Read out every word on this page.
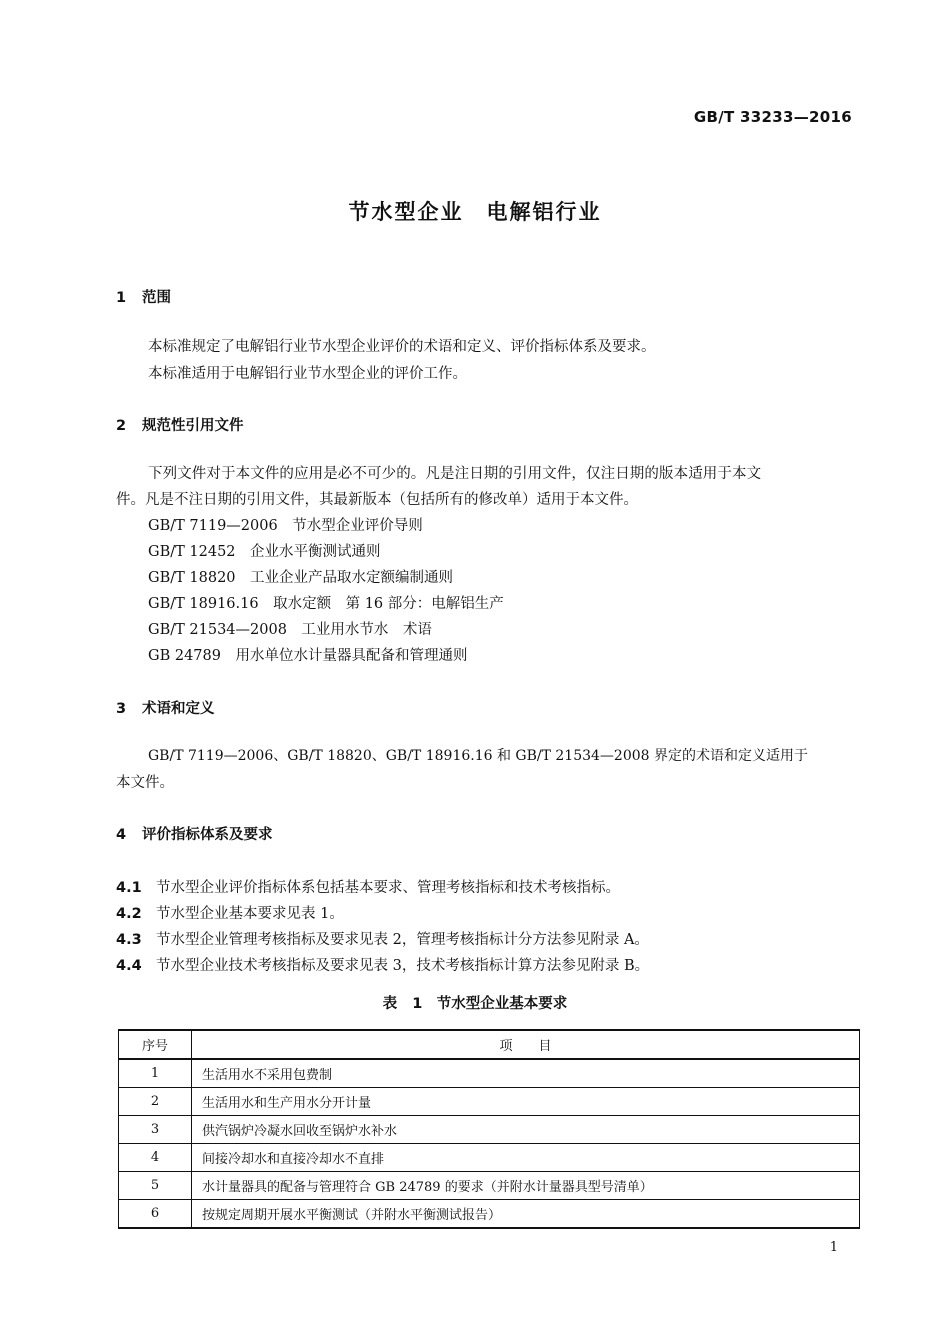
GB/T 33233—2016
节水型企业　电解铝行业
1 范围
本标准规定了电解铝行业节水型企业评价的术语和定义、评价指标体系及要求。
本标准适用于电解铝行业节水型企业的评价工作。
2 规范性引用文件
下列文件对于本文件的应用是必不可少的。凡是注日期的引用文件，仅注日期的版本适用于本文
件。凡是不注日期的引用文件，其最新版本（包括所有的修改单）适用于本文件。
GB/T 7119—2006　节水型企业评价导则
GB/T 12452　企业水平衡测试通则
GB/T 18820　工业企业产品取水定额编制通则
GB/T 18916.16　取水定额　第 16 部分：电解铝生产
GB/T 21534—2008　工业用水节水　术语
GB 24789　用水单位水计量器具配备和管理通则
3 术语和定义
GB/T 7119—2006、GB/T 18820、GB/T 18916.16 和 GB/T 21534—2008 界定的术语和定义适用于
本文件。
4 评价指标体系及要求
4.1 节水型企业评价指标体系包括基本要求、管理考核指标和技术考核指标。
4.2 节水型企业基本要求见表 1。
4.3 节水型企业管理考核指标及要求见表 2，管理考核指标计分方法参见附录 A。
4.4 节水型企业技术考核指标及要求见表 3，技术考核指标计算方法参见附录 B。
表 1　节水型企业基本要求
序号	项　　目
1	生活用水不采用包费制
2	生活用水和生产用水分开计量
3	供汽锅炉冷凝水回收至锅炉水补水
4	间接冷却水和直接冷却水不直排
5	水计量器具的配备与管理符合 GB 24789 的要求（并附水计量器具型号清单）
6	按规定周期开展水平衡测试（并附水平衡测试报告）
1
